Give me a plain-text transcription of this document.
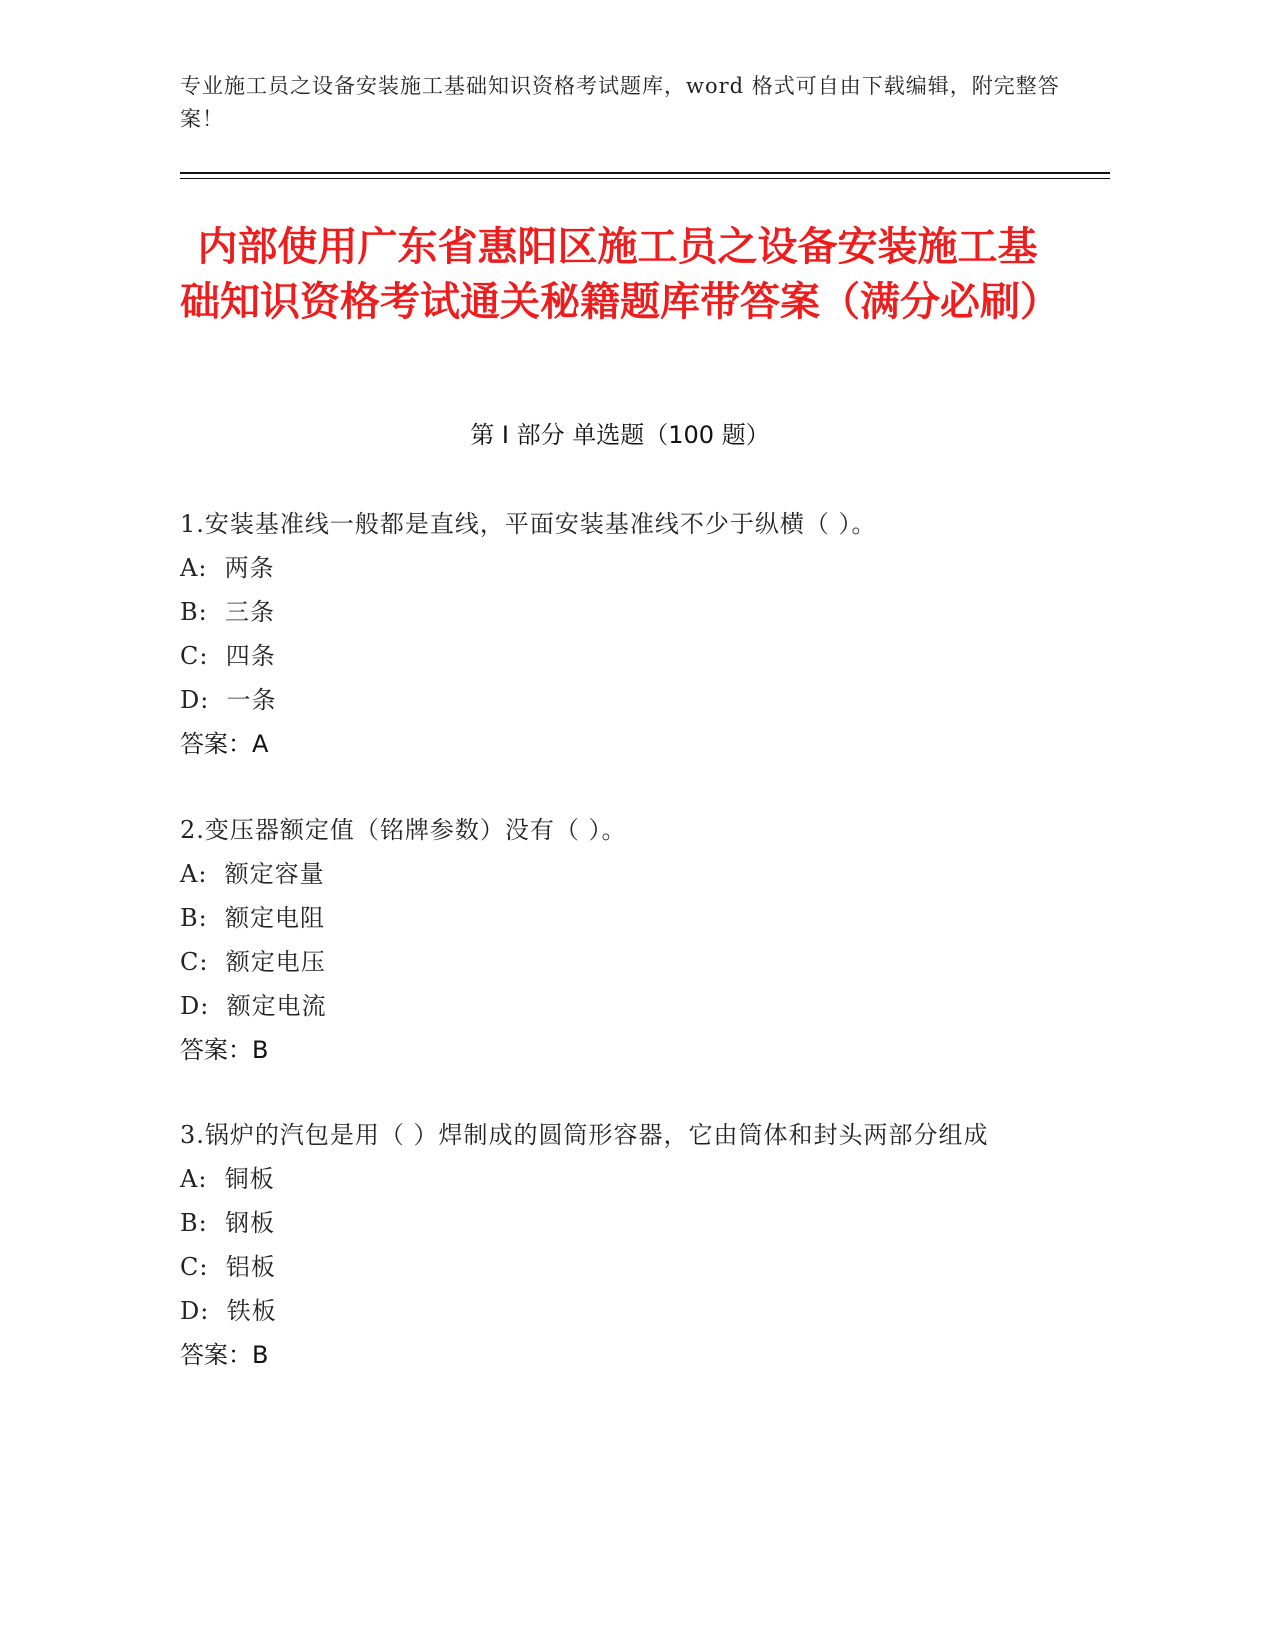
专业施工员之设备安装施工基础知识资格考试题库，word 格式可自由下载编辑，附完整答案！
内部使用广东省惠阳区施工员之设备安装施工基础知识资格考试通关秘籍题库带答案（满分必刷）
第 I 部分 单选题（100 题）
1.安装基准线一般都是直线，平面安装基准线不少于纵横（ ）。
A:  两条
B:  三条
C:  四条
D:  一条
答案：A
2.变压器额定值（铭牌参数）没有（ ）。
A:  额定容量
B:  额定电阻
C:  额定电压
D:  额定电流
答案：B
3.锅炉的汽包是用（ ）焊制成的圆筒形容器，它由筒体和封头两部分组成
A:  铜板
B:  钢板
C:  铝板
D:  铁板
答案：B
